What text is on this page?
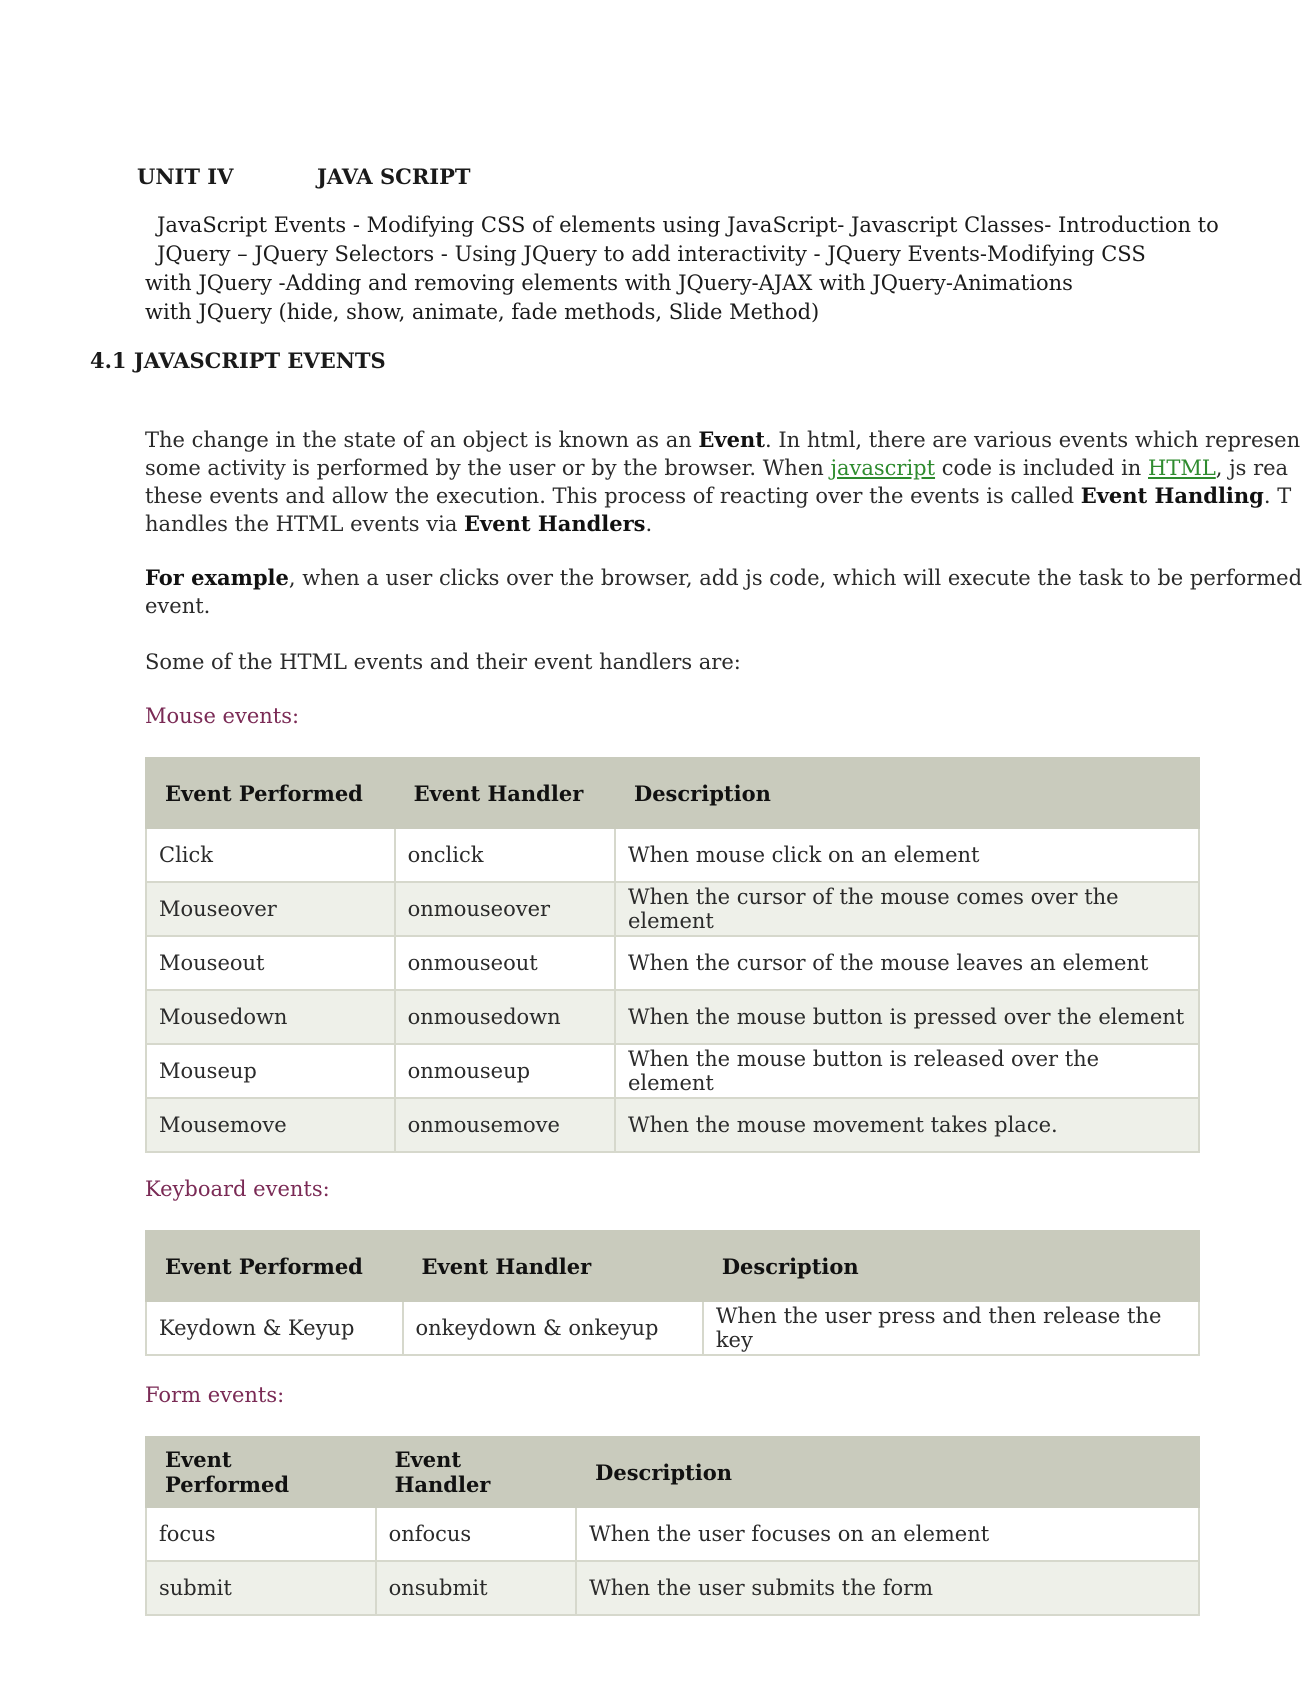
UNIT IV	JAVA SCRIPT
JavaScript Events - Modifying CSS of elements using JavaScript- Javascript Classes- Introduction to
JQuery – JQuery Selectors - Using JQuery to add interactivity - JQuery Events-Modifying CSS
with JQuery -Adding and removing elements with JQuery-AJAX with JQuery-Animations
with JQuery (hide, show, animate, fade methods, Slide Method)
4.1 JAVASCRIPT EVENTS
The change in the state of an object is known as an Event. In html, there are various events which represen
some activity is performed by the user or by the browser. When javascript code is included in HTML, js rea
these events and allow the execution. This process of reacting over the events is called Event Handling. T
handles the HTML events via Event Handlers.
For example, when a user clicks over the browser, add js code, which will execute the task to be performed
event.
Some of the HTML events and their event handlers are:
Mouse events:
Event Performed	Event Handler	Description
Click	onclick	When mouse click on an element
Mouseover	onmouseover	When the cursor of the mouse comes over the element
Mouseout	onmouseout	When the cursor of the mouse leaves an element
Mousedown	onmousedown	When the mouse button is pressed over the element
Mouseup	onmouseup	When the mouse button is released over the element
Mousemove	onmousemove	When the mouse movement takes place.
Keyboard events:
Event Performed	Event Handler	Description
Keydown & Keyup	onkeydown & onkeyup	When the user press and then release the key
Form events:
Event Performed	Event Handler	Description
focus	onfocus	When the user focuses on an element
submit	onsubmit	When the user submits the form
